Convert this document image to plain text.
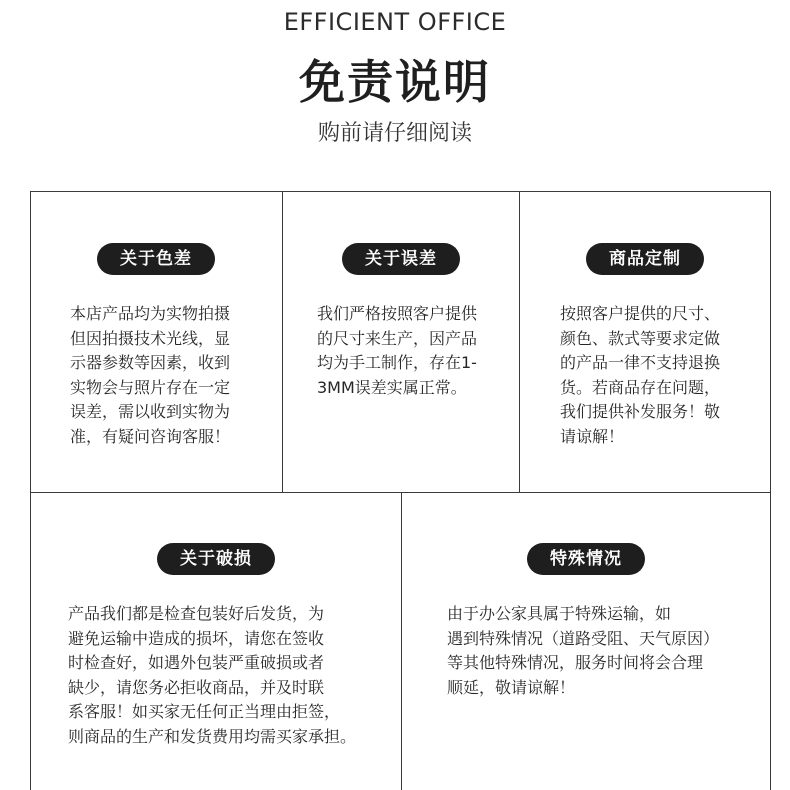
EFFICIENT OFFICE
免责说明
购前请仔细阅读
关于色差
本店产品均为实物拍摄
但因拍摄技术光线，显
示器参数等因素，收到
实物会与照片存在一定
误差，需以收到实物为
准，有疑问咨询客服！
关于误差
我们严格按照客户提供
的尺寸来生产，因产品
均为手工制作，存在1-
3MM误差实属正常。
商品定制
按照客户提供的尺寸、
颜色、款式等要求定做
的产品一律不支持退换
货。若商品存在问题，
我们提供补发服务！敬
请谅解！
关于破损
产品我们都是检查包装好后发货，为
避免运输中造成的损坏，请您在签收
时检查好，如遇外包装严重破损或者
缺少，请您务必拒收商品，并及时联
系客服！如买家无任何正当理由拒签，
则商品的生产和发货费用均需买家承担。
特殊情况
由于办公家具属于特殊运输，如
遇到特殊情况（道路受阻、天气原因）
等其他特殊情况，服务时间将会合理
顺延，敬请谅解！
